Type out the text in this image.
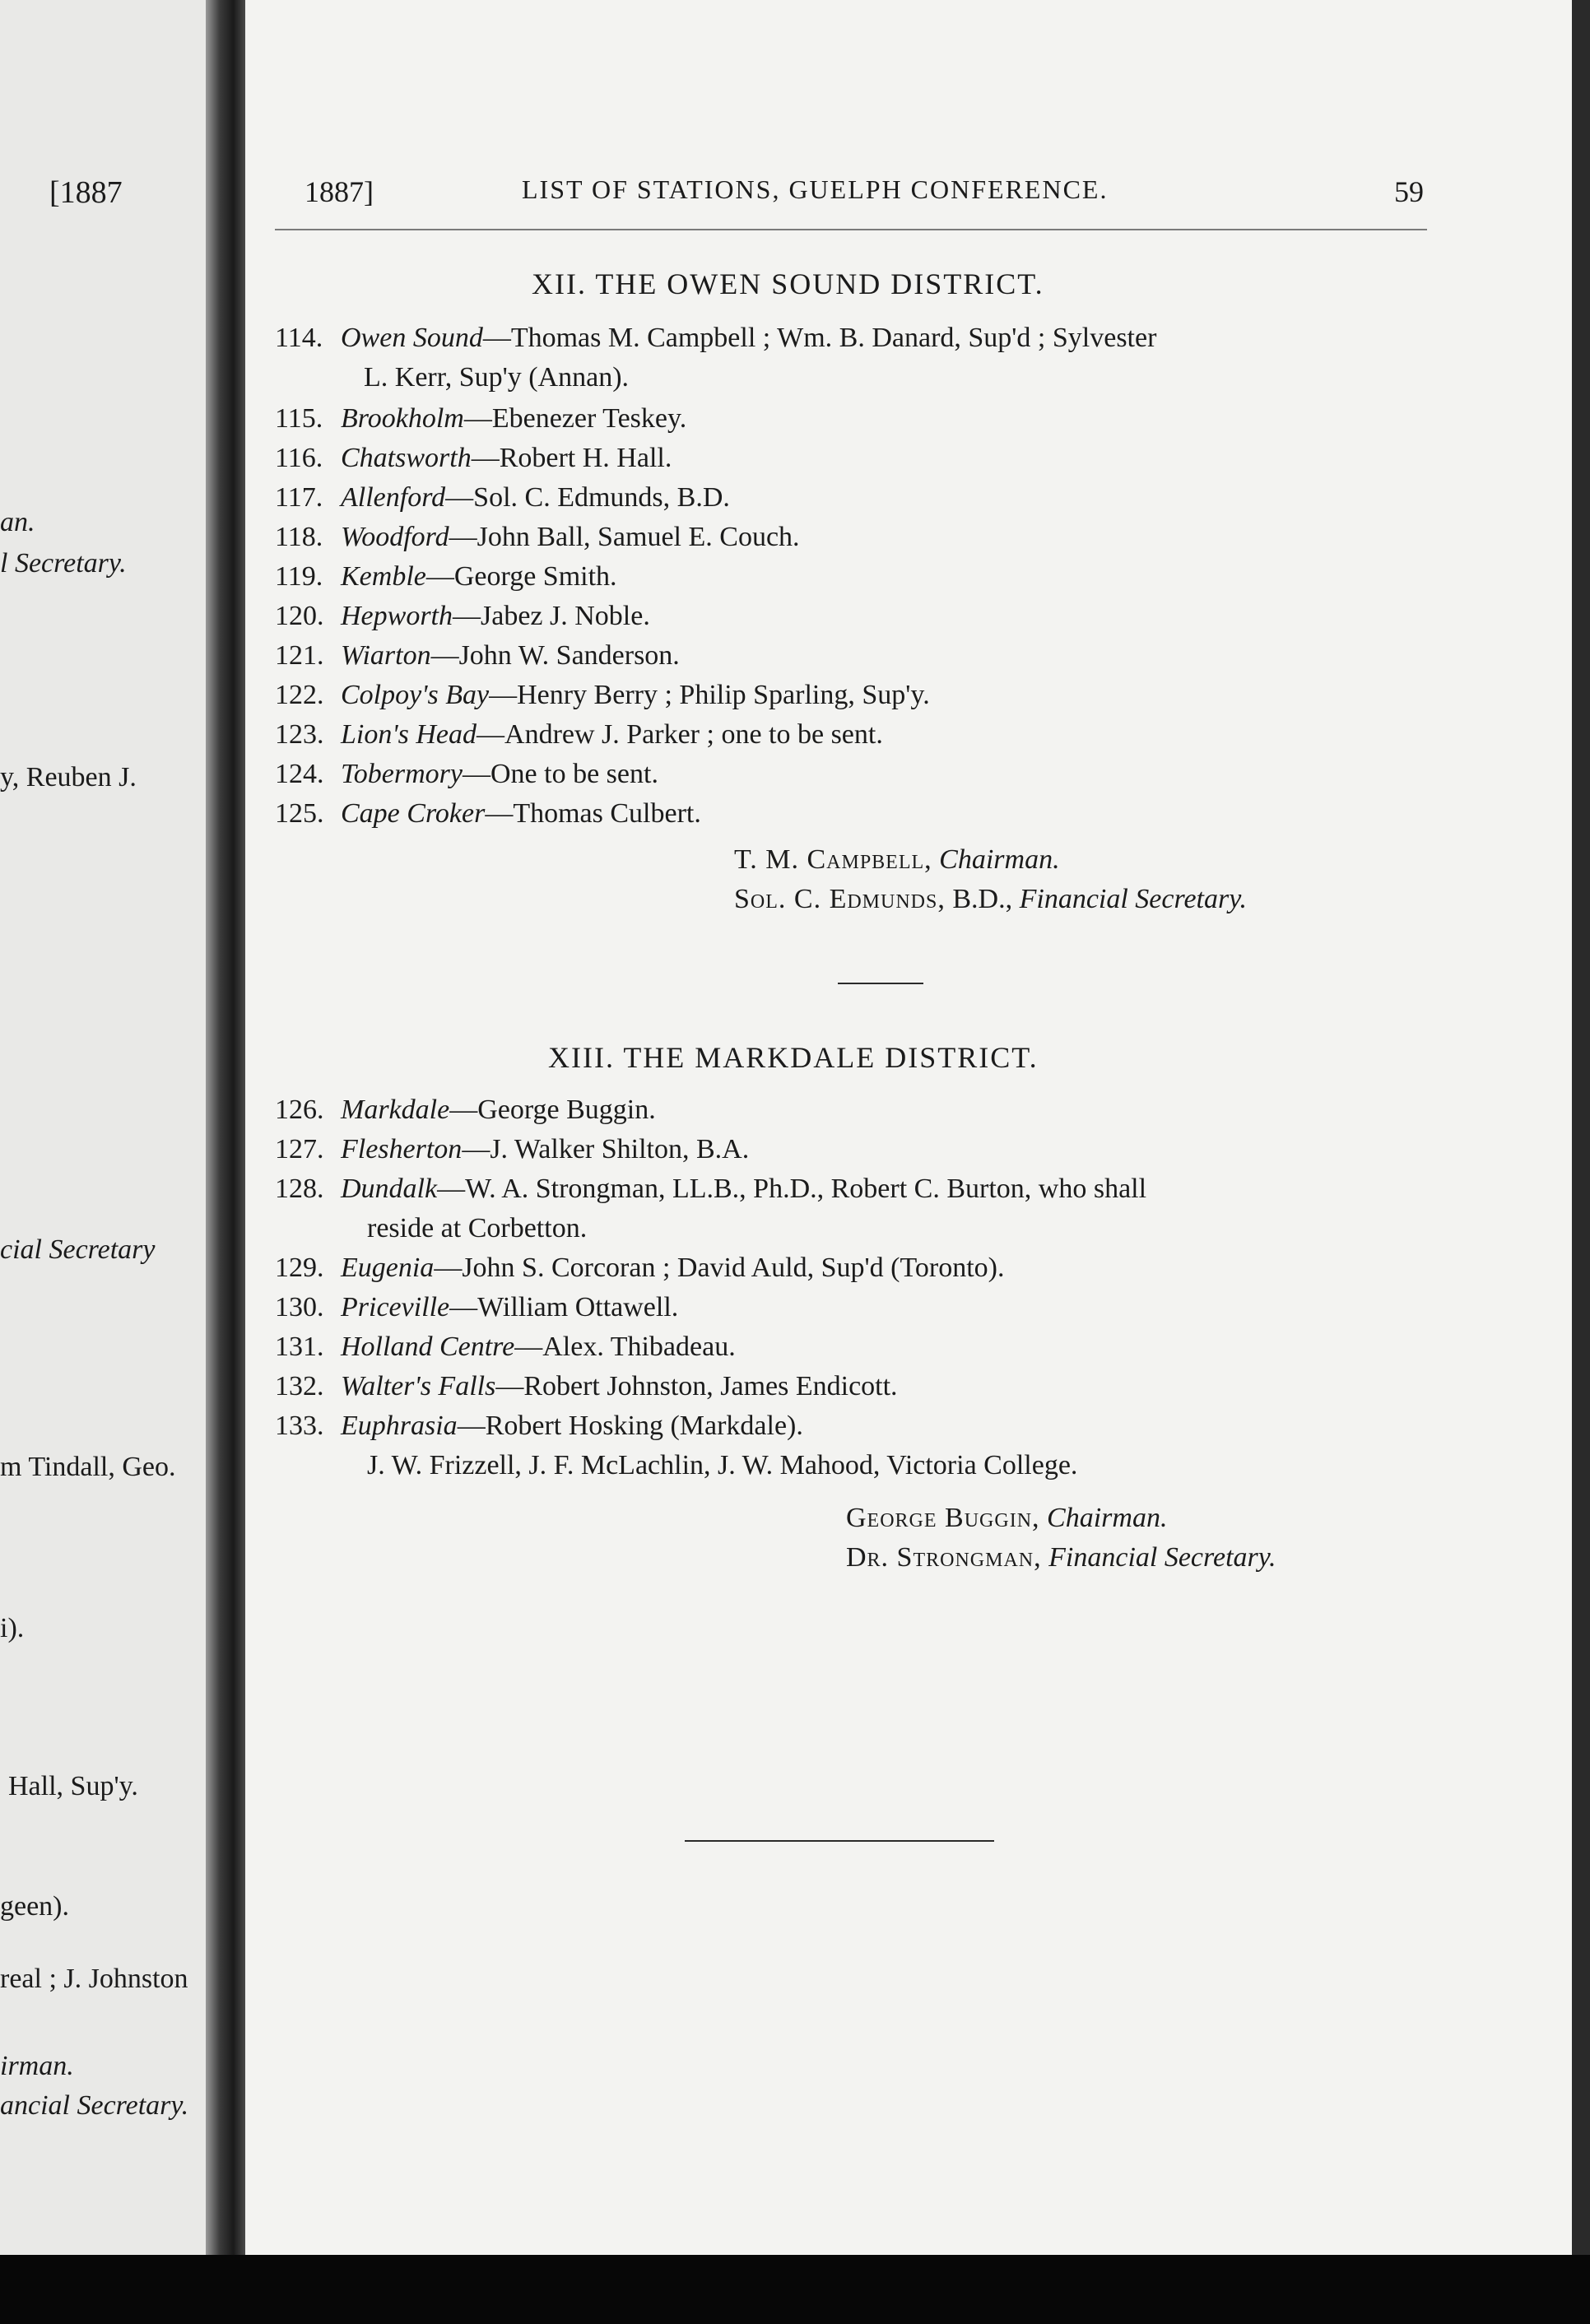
[1887
an.
l Secretary.
y, Reuben J.
cial Secretary
m Tindall, Geo.
i).
Hall, Sup'y.
geen).
real ; J. Johnston
irman.
ancial Secretary.
1887]	LIST OF STATIONS, GUELPH CONFERENCE.	59
XII. THE OWEN SOUND DISTRICT.
114. Owen Sound—Thomas M. Campbell ; Wm. B. Danard, Sup'd ; Sylvester
L. Kerr, Sup'y (Annan).
115. Brookholm—Ebenezer Teskey.
116. Chatsworth—Robert H. Hall.
117. Allenford—Sol. C. Edmunds, B.D.
118. Woodford—John Ball, Samuel E. Couch.
119. Kemble—George Smith.
120. Hepworth—Jabez J. Noble.
121. Wiarton—John W. Sanderson.
122. Colpoy's Bay—Henry Berry ; Philip Sparling, Sup'y.
123. Lion's Head—Andrew J. Parker ; one to be sent.
124. Tobermory—One to be sent.
125. Cape Croker—Thomas Culbert.
T. M. Campbell, Chairman.
Sol. C. Edmunds, B.D., Financial Secretary.
XIII. THE MARKDALE DISTRICT.
126. Markdale—George Buggin.
127. Flesherton—J. Walker Shilton, B.A.
128. Dundalk—W. A. Strongman, LL.B., Ph.D., Robert C. Burton, who shall
reside at Corbetton.
129. Eugenia—John S. Corcoran ; David Auld, Sup'd (Toronto).
130. Priceville—William Ottawell.
131. Holland Centre—Alex. Thibadeau.
132. Walter's Falls—Robert Johnston, James Endicott.
133. Euphrasia—Robert Hosking (Markdale).
J. W. Frizzell, J. F. McLachlin, J. W. Mahood, Victoria College.
George Buggin, Chairman.
Dr. Strongman, Financial Secretary.
